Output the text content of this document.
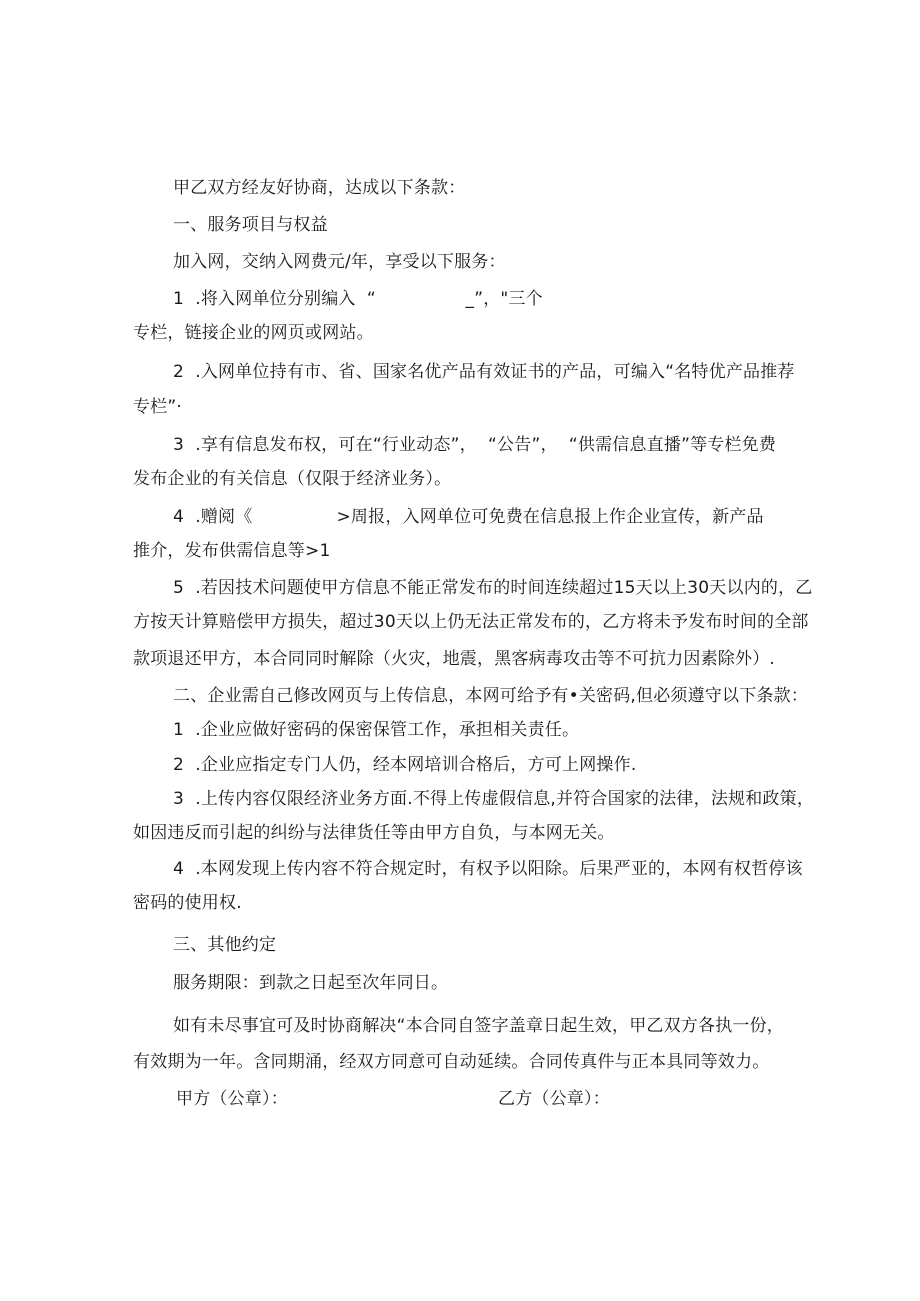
甲乙双方经友好协商，达成以下条款：
一、服务项目与权益
加入网，交纳入网费元/年，享受以下服务：
1  .将入网单位分别编入  “                _”，"三个
专栏，链接企业的网页或网站。
2  .入网单位持有市、省、国家名优产品有效证书的产品，可编入“名特优产品推荐
专栏”·
3  .享有信息发布权，可在“行业动态”，  “公告”，  “供需信息直播”等专栏免费
发布企业的有关信息（仅限于经济业务）。
4  .赠阅《               >周报，入网单位可免费在信息报上作企业宣传，新产品
推介，发布供需信息等>1
5  .若因技术问题使甲方信息不能正常发布的时间连续超过15天以上30天以内的，乙
方按天计算赔偿甲方损失，超过30天以上仍无法正常发布的，乙方将未予发布时间的全部
款项退还甲方，本合同同时解除（火灾，地震，黑客病毒攻击等不可抗力因素除外）.
二、企业需自己修改网页与上传信息，本网可给予有•关密码,但必须遵守以下条款：
1  .企业应做好密码的保密保管工作，承担相关责任。
2  .企业应指定专门人仍，经本网培训合格后，方可上网操作.
3  .上传内容仅限经济业务方面.不得上传虚假信息,并符合国家的法律，法规和政策，
如因违反而引起的纠纷与法律货任等由甲方自负，与本网无关。
4  .本网发现上传内容不符合规定时，有权予以阳除。后果严亚的，本网有权哲停该
密码的使用权.
三、其他约定
服务期限：到款之日起至次年同日。
如有未尽事宜可及时协商解决“本合同自签字盖章日起生效，甲乙双方各执一份，
有效期为一年。含同期涌，经双方同意可自动延续。合同传真件与正本具同等效力。
甲方（公章）：	乙方（公章）：
